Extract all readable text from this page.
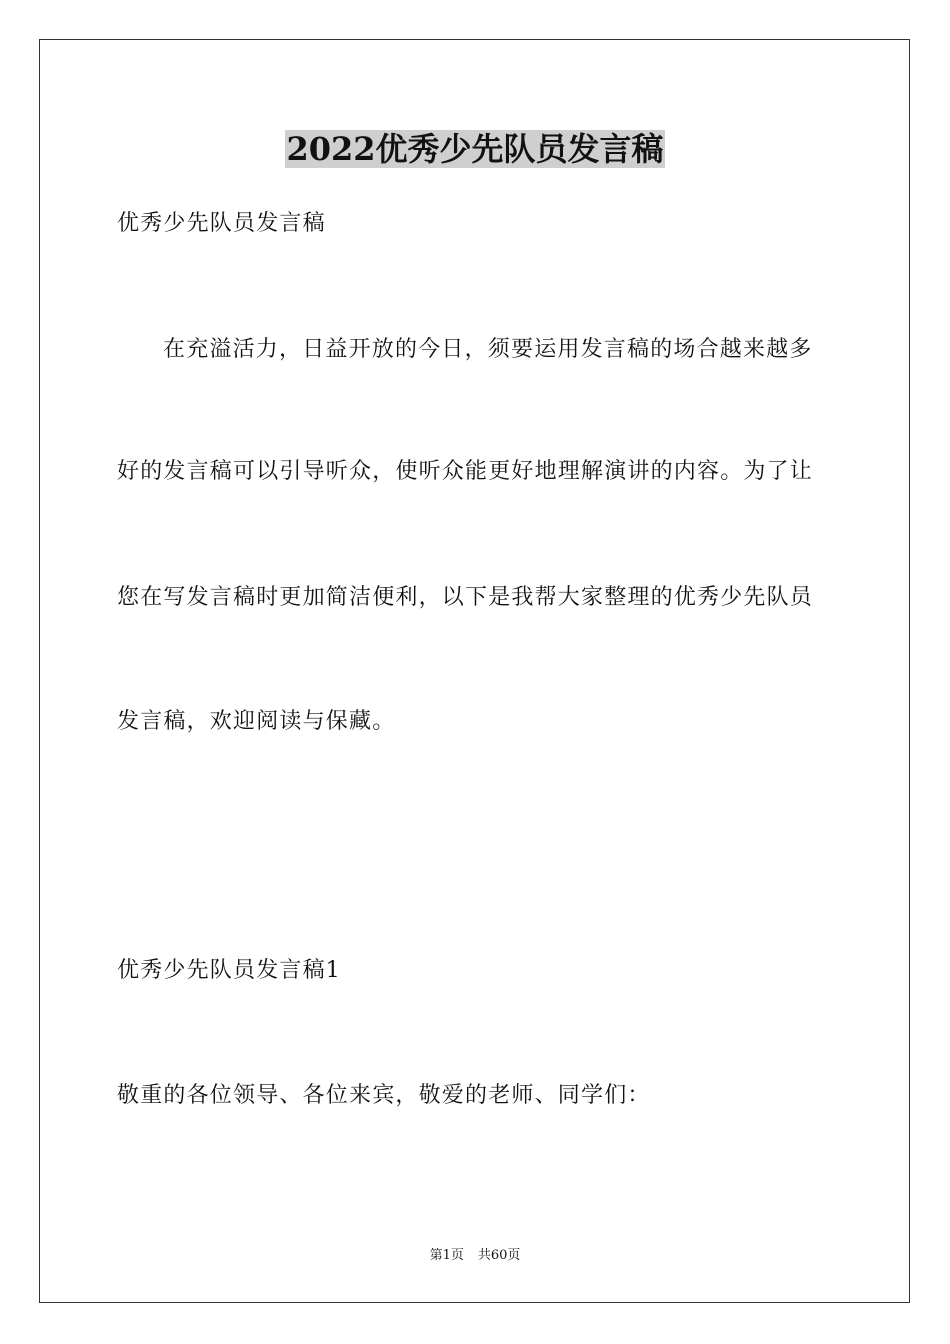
2022优秀少先队员发言稿
优秀少先队员发言稿
在充溢活力，日益开放的今日，须要运用发言稿的场合越来越多
好的发言稿可以引导听众，使听众能更好地理解演讲的内容。为了让
您在写发言稿时更加简洁便利，以下是我帮大家整理的优秀少先队员
发言稿，欢迎阅读与保藏。
优秀少先队员发言稿1
敬重的各位领导、各位来宾，敬爱的老师、同学们：
第1页 共60页
